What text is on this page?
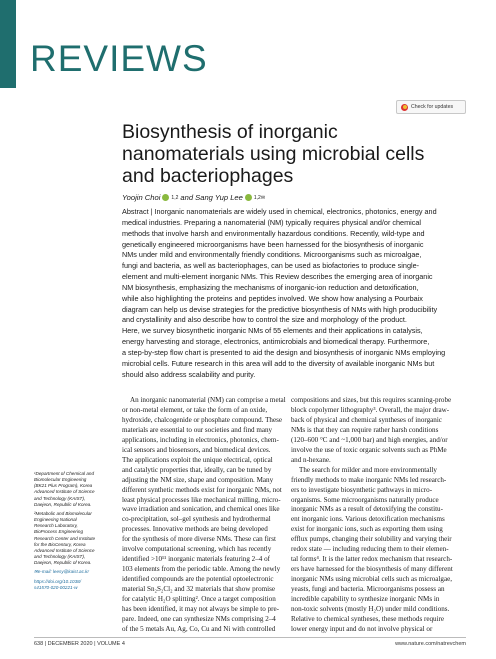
REVIEWS
Check for updates
Biosynthesis of inorganic nanomaterials using microbial cells and bacteriophages
Yoojin Choi 1,2 and Sang Yup Lee 1,2✉
Abstract | Inorganic nanomaterials are widely used in chemical, electronics, photonics, energy and
medical industries. Preparing a nanomaterial (NM) typically requires physical and/or chemical
methods that involve harsh and environmentally hazardous conditions. Recently, wild-type and
genetically engineered microorganisms have been harnessed for the biosynthesis of inorganic
NMs under mild and environmentally friendly conditions. Microorganisms such as microalgae,
fungi and bacteria, as well as bacteriophages, can be used as biofactories to produce single-
element and multi-element inorganic NMs. This Review describes the emerging area of inorganic
NM biosynthesis, emphasizing the mechanisms of inorganic-ion reduction and detoxification,
while also highlighting the proteins and peptides involved. We show how analysing a Pourbaix
diagram can help us devise strategies for the predictive biosynthesis of NMs with high producibility
and crystallinity and also describe how to control the size and morphology of the product.
Here, we survey biosynthetic inorganic NMs of 55 elements and their applications in catalysis,
energy harvesting and storage, electronics, antimicrobials and biomedical therapy. Furthermore,
a step-by-step flow chart is presented to aid the design and biosynthesis of inorganic NMs employing
microbial cells. Future research in this area will add to the diversity of available inorganic NMs but
should also address scalability and purity.
¹Department of Chemical and
Biomolecular Engineering
(BK21 Plus Program), Korea
Advanced Institute of Science
and Technology (KAIST),
Daejeon, Republic of Korea.
²Metabolic and Biomolecular
Engineering National
Research Laboratory,
BioProcess Engineering
Research Center and Institute
for the BioCentury, Korea
Advanced Institute of Science
and Technology (KAIST),
Daejeon, Republic of Korea.
✉e-mail: leesy@kaist.ac.kr
https://doi.org/10.1038/
s41570-020-00221-w
An inorganic nanomaterial (NM) can comprise a metal
or non-metal element, or take the form of an oxide,
hydroxide, chalcogenide or phosphate compound. These
materials are essential to our societies and find many
applications, including in electronics, photonics, chem-
ical sensors and biosensors, and biomedical devices.
The applications exploit the unique electrical, optical
and catalytic properties that, ideally, can be tuned by
adjusting the NM size, shape and composition. Many
different synthetic methods exist for inorganic NMs, not
least physical processes like mechanical milling, micro-
wave irradiation and sonication, and chemical ones like
co-precipitation, sol–gel synthesis and hydrothermal
processes. Innovative methods are being developed
for the synthesis of more diverse NMs. These can first
involve computational screening, which has recently
identified >10¹¹ inorganic materials featuring 2–4 of
103 elements from the periodic table. Among the newly
identified compounds are the potential optoelectronic
material Sn₂S₂Cl₂ and 32 materials that show promise
for catalytic H₂O splitting². Once a target composition
has been identified, it may not always be simple to pre-
pare. Indeed, one can synthesize NMs comprising 2–4
of the 5 metals Au, Ag, Co, Cu and Ni with controlled
compositions and sizes, but this requires scanning-probe
block copolymer lithography³. Overall, the major draw-
back of physical and chemical syntheses of inorganic
NMs is that they can require rather harsh conditions
(120–600 °C and ~1,000 bar) and high energies, and/or
involve the use of toxic organic solvents such as PhMe
and n-hexane.
The search for milder and more environmentally
friendly methods to make inorganic NMs led research-
ers to investigate biosynthetic pathways in micro-
organisms. Some microorganisms naturally produce
inorganic NMs as a result of detoxifying the constitu-
ent inorganic ions. Various detoxification mechanisms
exist for inorganic ions, such as exporting them using
efflux pumps, changing their solubility and varying their
redox state — including reducing them to their elemen-
tal forms⁴. It is the latter redox mechanism that research-
ers have harnessed for the biosynthesis of many different
inorganic NMs using microbial cells such as microalgae,
yeasts, fungi and bacteria. Microorganisms possess an
incredible capability to synthesize inorganic NMs in
non-toxic solvents (mostly H₂O) under mild conditions.
Relative to chemical syntheses, these methods require
lower energy input and do not involve physical or
638 | DECEMBER 2020 | VOLUME 4	www.nature.com/natrevchem
